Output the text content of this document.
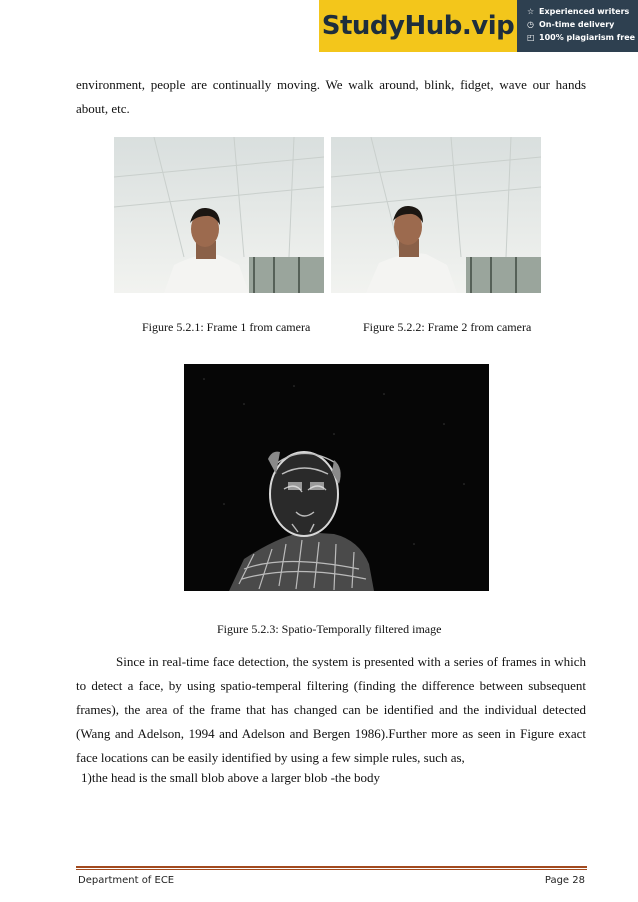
StudyHub.vip	☆ Experienced writers
◷ On-time delivery
◰ 100% plagiarism free

environment, people are continually moving. We walk around, blink, fidget, wave our hands about, etc.

Figure 5.2.1: Frame 1 from camera	Figure 5.2.2: Frame 2 from camera
Figure 5.2.3: Spatio-Temporally filtered image

Since in real-time face detection, the system is presented with a series of frames in which to detect a face, by using spatio-temperal filtering (finding the difference between subsequent frames), the area of the frame that has changed can be identified and the individual detected (Wang and Adelson, 1994 and Adelson and Bergen 1986).Further more as seen in Figure exact face locations can be easily identified by using a few simple rules, such as,

1)the head is the small blob above a larger blob -the body

Department of ECE	Page 28
